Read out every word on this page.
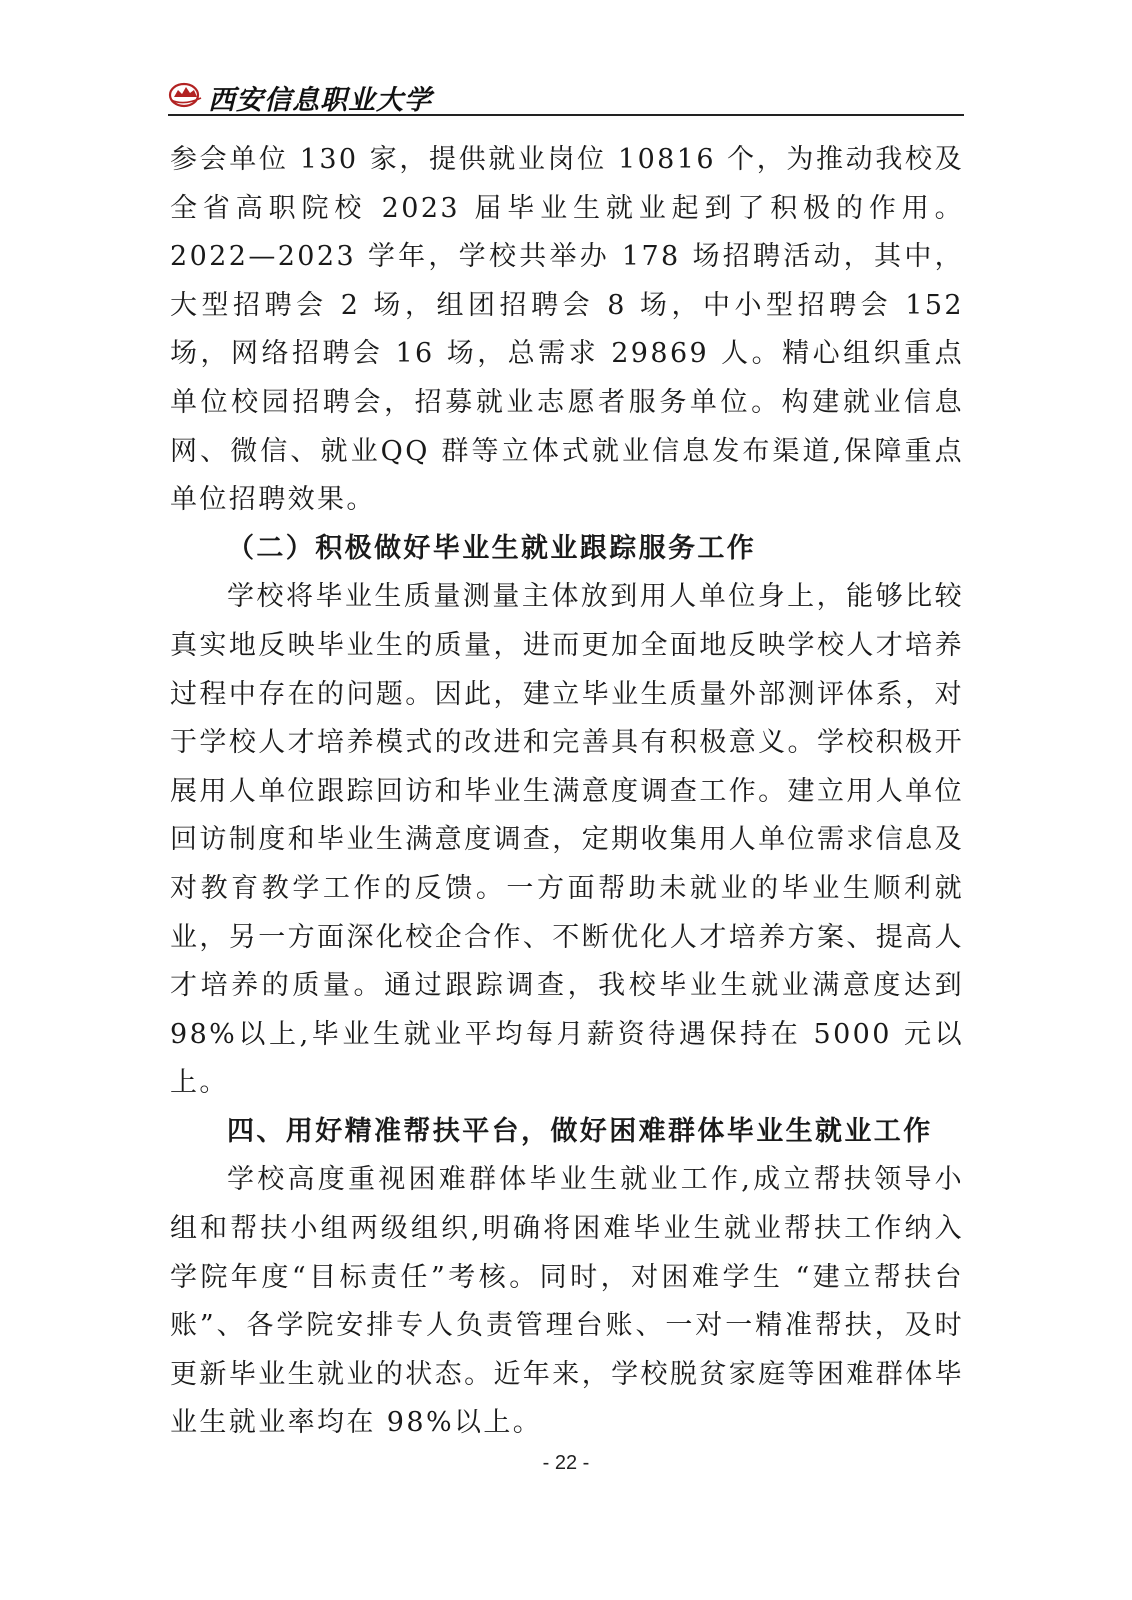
西安信息职业大学

参会单位 130 家，提供就业岗位 10816 个，为推动我校及全省高职院校 2023 届毕业生就业起到了积极的作用。2022—2023 学年，学校共举办 178 场招聘活动，其中，大型招聘会 2 场，组团招聘会 8 场，中小型招聘会 152 场，网络招聘会 16 场，总需求 29869 人。精心组织重点单位校园招聘会，招募就业志愿者服务单位。构建就业信息网、微信、就业QQ 群等立体式就业信息发布渠道,保障重点单位招聘效果。

（二）积极做好毕业生就业跟踪服务工作

学校将毕业生质量测量主体放到用人单位身上，能够比较真实地反映毕业生的质量，进而更加全面地反映学校人才培养过程中存在的问题。因此，建立毕业生质量外部测评体系，对于学校人才培养模式的改进和完善具有积极意义。学校积极开展用人单位跟踪回访和毕业生满意度调查工作。建立用人单位回访制度和毕业生满意度调查，定期收集用人单位需求信息及对教育教学工作的反馈。一方面帮助未就业的毕业生顺利就业，另一方面深化校企合作、不断优化人才培养方案、提高人才培养的质量。通过跟踪调查，我校毕业生就业满意度达到 98%以上,毕业生就业平均每月薪资待遇保持在 5000 元以上。

四、用好精准帮扶平台，做好困难群体毕业生就业工作

学校高度重视困难群体毕业生就业工作,成立帮扶领导小组和帮扶小组两级组织,明确将困难毕业生就业帮扶工作纳入学院年度“目标责任”考核。同时，对困难学生 “建立帮扶台账”、各学院安排专人负责管理台账、一对一精准帮扶，及时更新毕业生就业的状态。近年来，学校脱贫家庭等困难群体毕业生就业率均在 98%以上。

- 22 -
